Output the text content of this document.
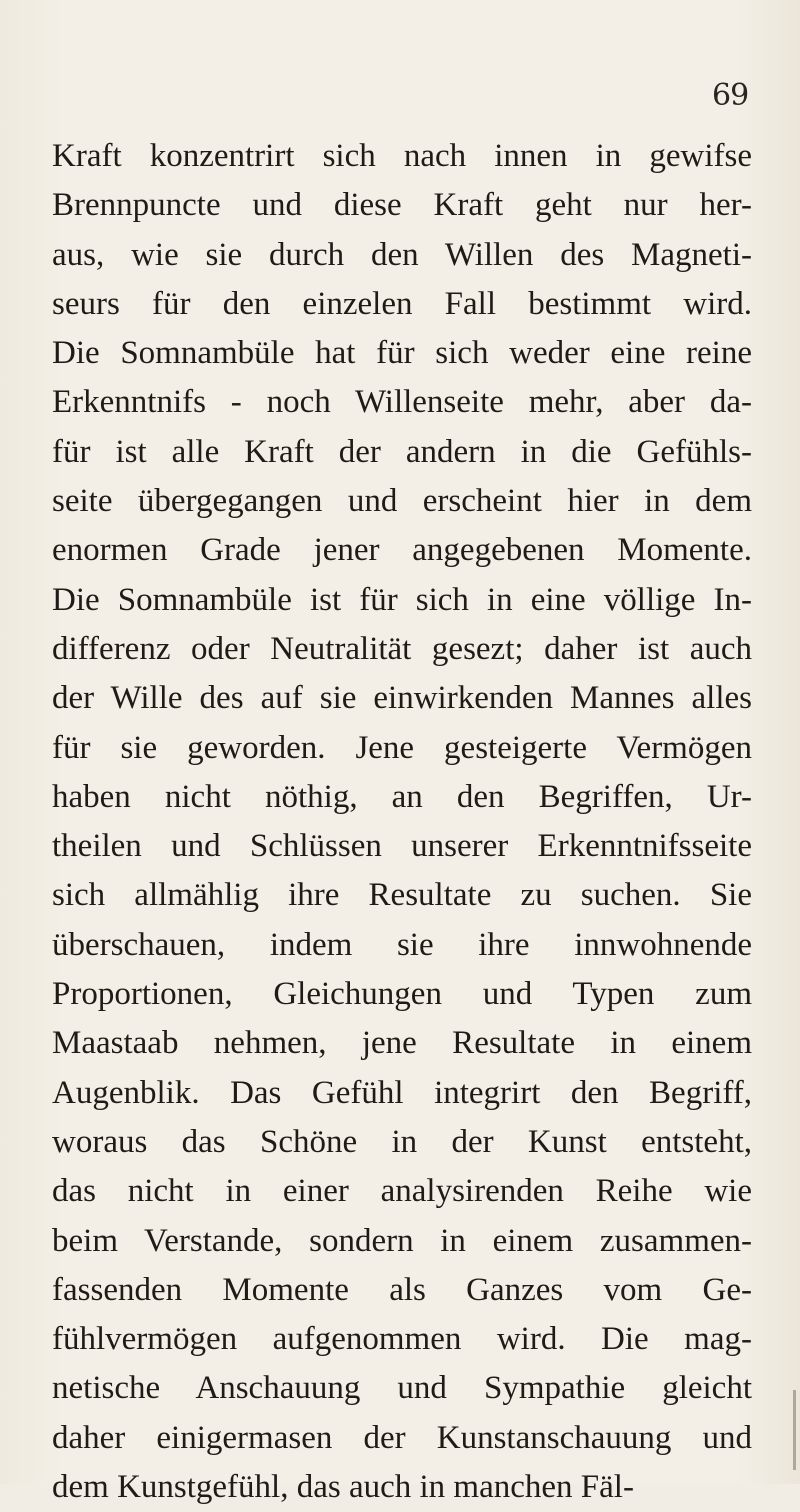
69
Kraft konzentrirt sich nach innen in gewifse
Brennpuncte und diese Kraft geht nur her-
aus, wie sie durch den Willen des Magneti-
seurs für den einzelen Fall bestimmt wird.
Die Somnambüle hat für sich weder eine reine
Erkenntnifs - noch Willenseite mehr, aber da-
für ist alle Kraft der andern in die Gefühls-
seite übergegangen und erscheint hier in dem
enormen Grade jener angegebenen Momente.
Die Somnambüle ist für sich in eine völlige In-
differenz oder Neutralität gesezt; daher ist auch
der Wille des auf sie einwirkenden Mannes alles
für sie geworden. Jene gesteigerte Vermögen
haben nicht nöthig, an den Begriffen, Ur-
theilen und Schlüssen unserer Erkenntnifsseite
sich allmählig ihre Resultate zu suchen. Sie
überschauen, indem sie ihre innwohnende
Proportionen, Gleichungen und Typen zum
Maastaab nehmen, jene Resultate in einem
Augenblik. Das Gefühl integrirt den Begriff,
woraus das Schöne in der Kunst entsteht,
das nicht in einer analysirenden Reihe wie
beim Verstande, sondern in einem zusammen-
fassenden Momente als Ganzes vom Ge-
fühlvermögen aufgenommen wird. Die mag-
netische Anschauung und Sympathie gleicht
daher einigermasen der Kunstanschauung und
dem Kunstgefühl, das auch in manchen Fäl-
